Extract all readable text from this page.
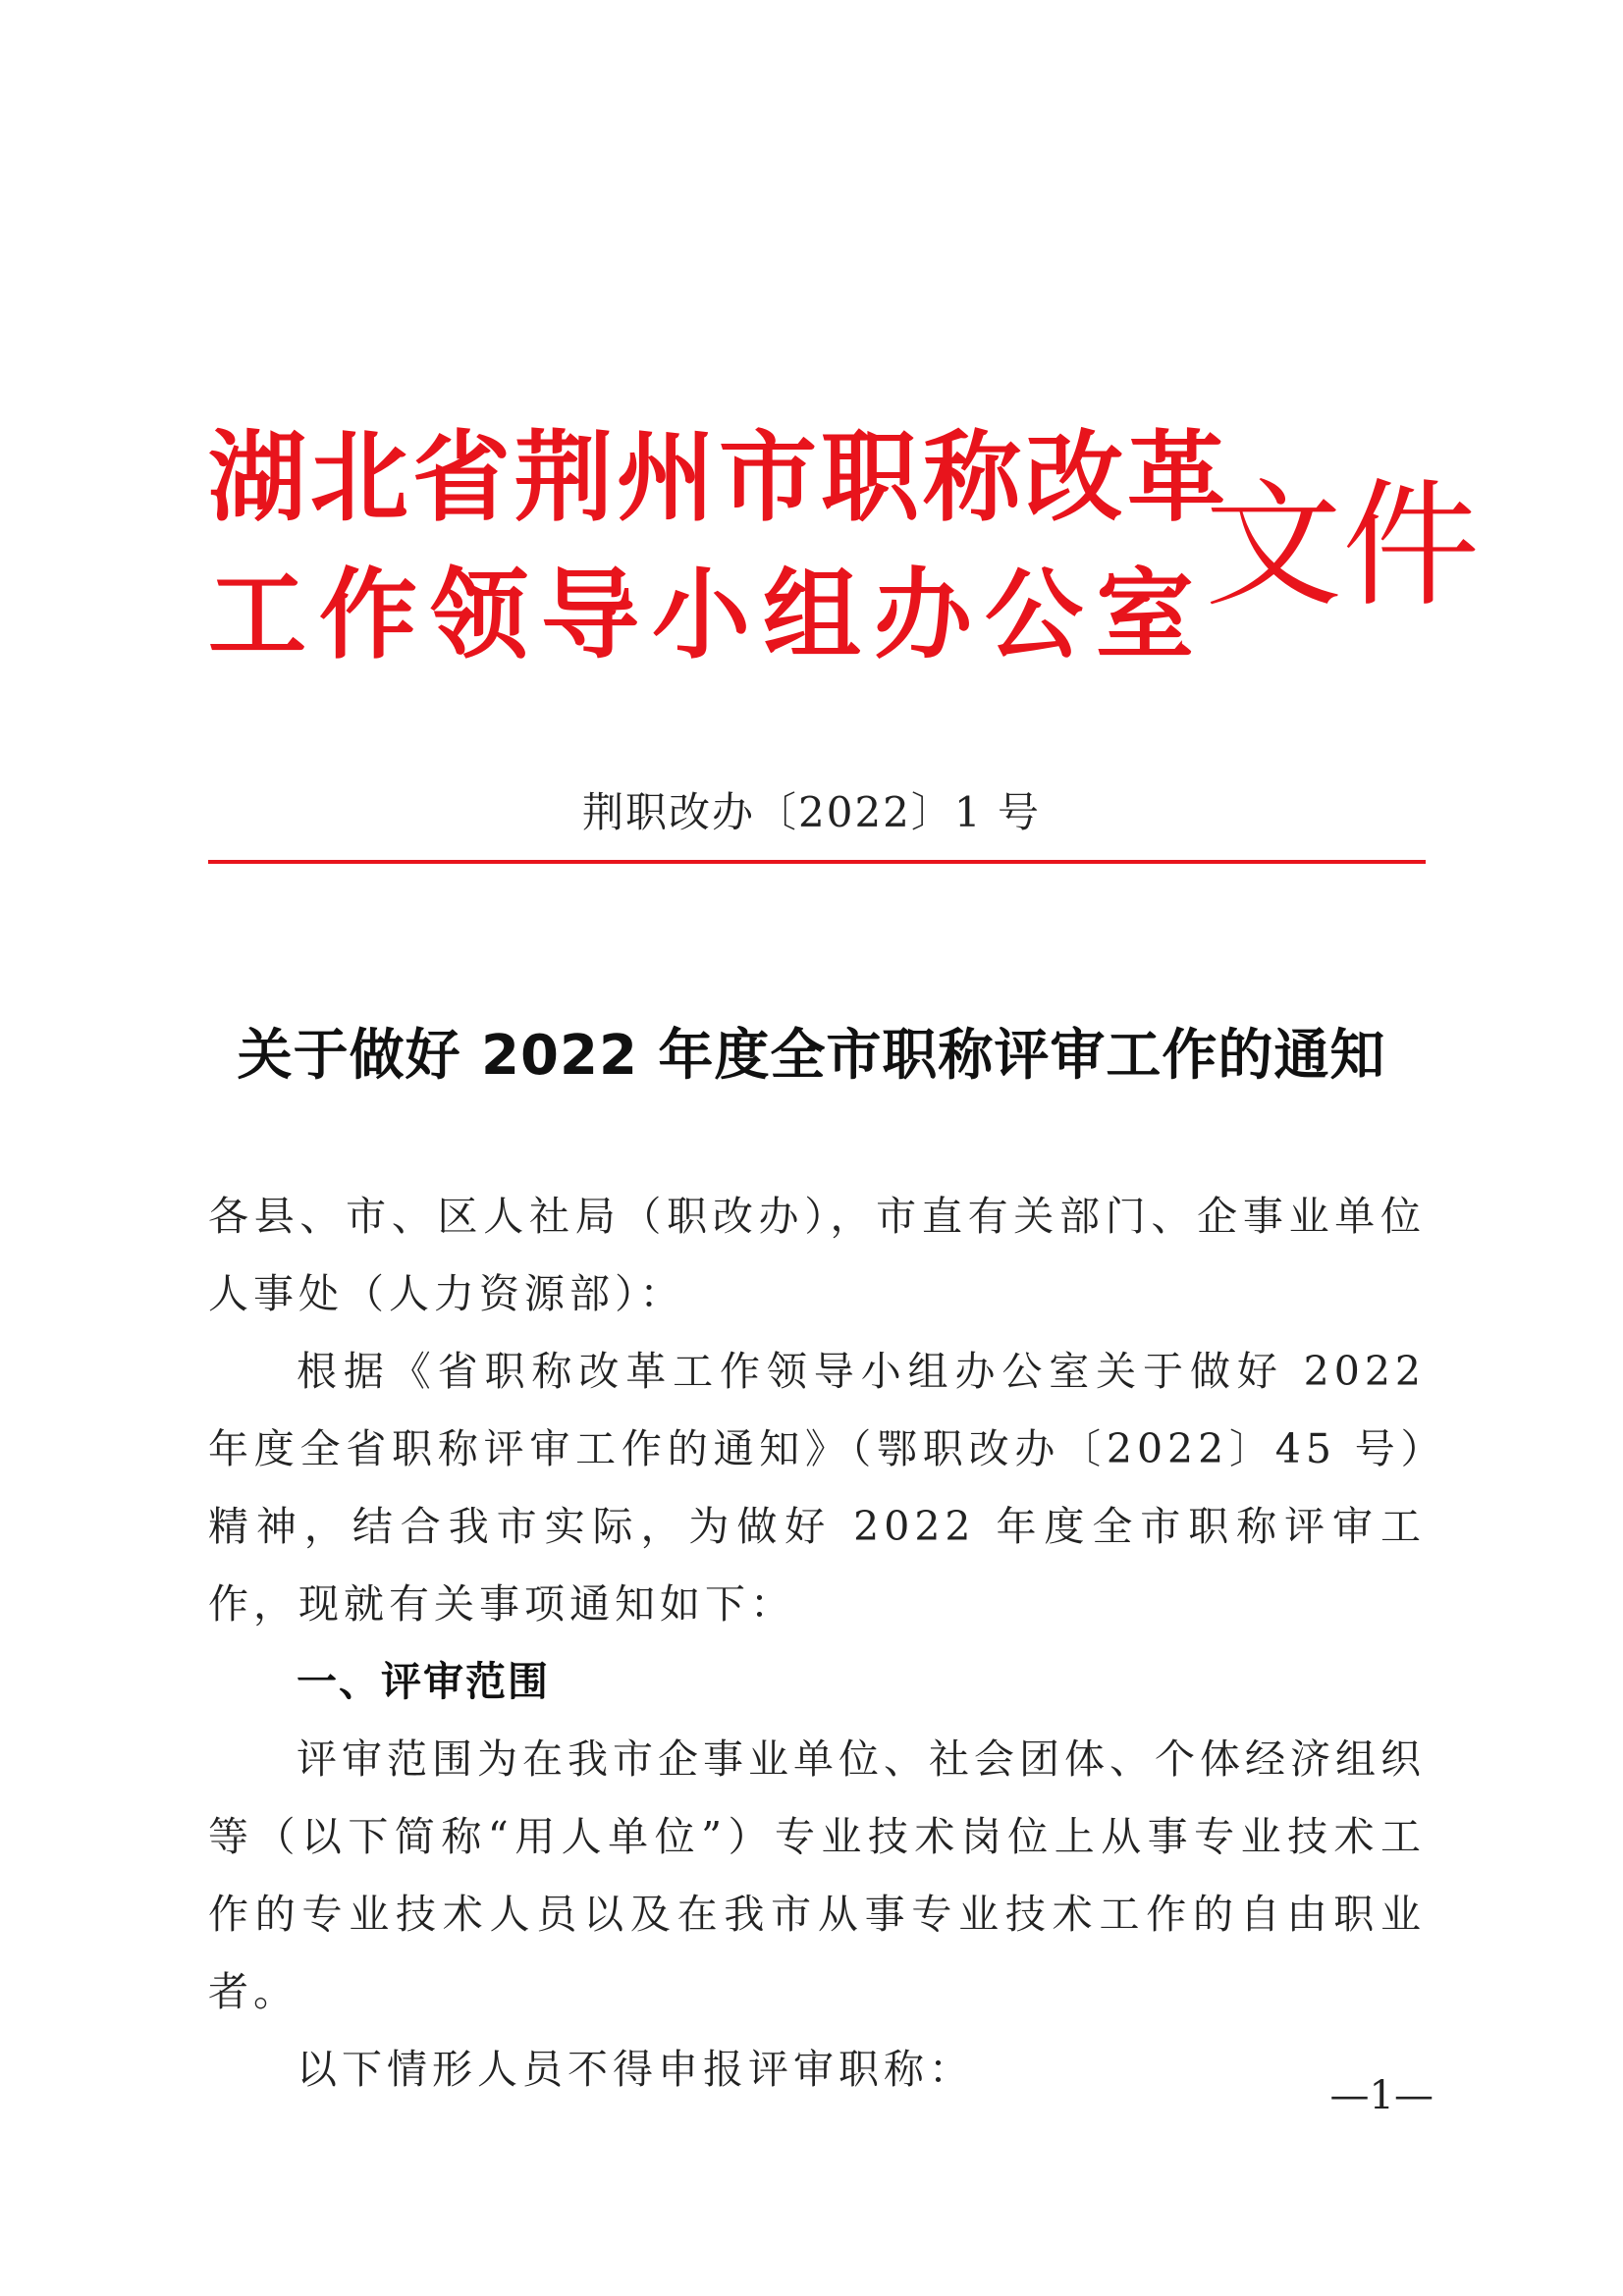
湖北省荆州市职称改革
工作领导小组办公室
文件
荆职改办〔2022〕1 号
关于做好 2022 年度全市职称评审工作的通知

各县、市、区人社局（职改办），市直有关部门、企事业单位人事处（人力资源部）：

根据《省职称改革工作领导小组办公室关于做好 2022 年度全省职称评审工作的通知》（鄂职改办〔2022〕45 号）精神，结合我市实际，为做好 2022 年度全市职称评审工作，现就有关事项通知如下：

一、评审范围

评审范围为在我市企事业单位、社会团体、个体经济组织等（以下简称“用人单位”）专业技术岗位上从事专业技术工作的专业技术人员以及在我市从事专业技术工作的自由职业者。

以下情形人员不得申报评审职称：

—1—
